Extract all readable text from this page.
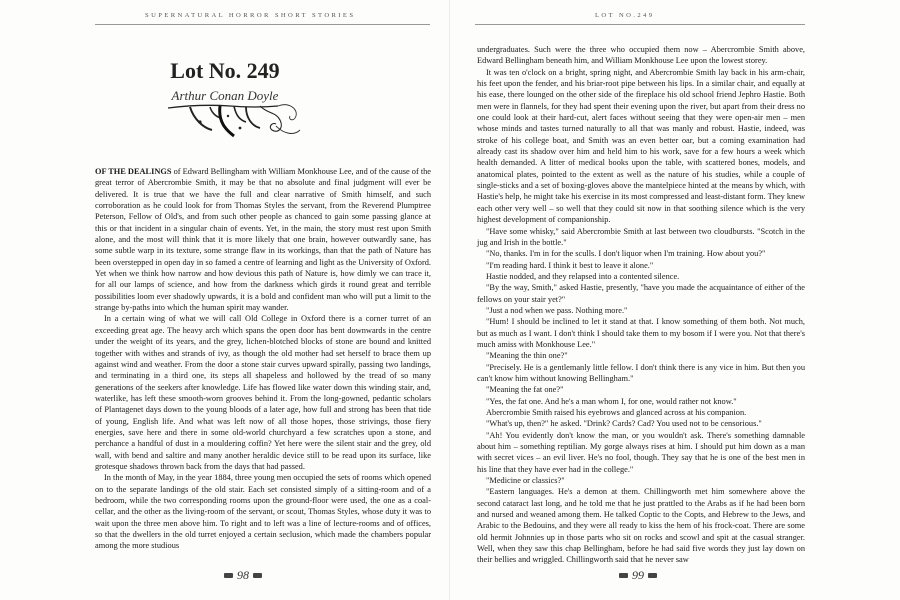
SUPERNATURAL HORROR SHORT STORIES
Lot No. 249
Arthur Conan Doyle

OF THE DEALINGS of Edward Bellingham with William Monkhouse Lee, and of the cause of the great terror of Abercrombie Smith, it may be that no absolute and final judgment will ever be delivered. It is true that we have the full and clear narrative of Smith himself, and such corroboration as he could look for from Thomas Styles the servant, from the Reverend Plumptree Peterson, Fellow of Old's, and from such other people as chanced to gain some passing glance at this or that incident in a singular chain of events. Yet, in the main, the story must rest upon Smith alone, and the most will think that it is more likely that one brain, however outwardly sane, has some subtle warp in its texture, some strange flaw in its workings, than that the path of Nature has been overstepped in open day in so famed a centre of learning and light as the University of Oxford. Yet when we think how narrow and how devious this path of Nature is, how dimly we can trace it, for all our lamps of science, and how from the darkness which girds it round great and terrible possibilities loom ever shadowly upwards, it is a bold and confident man who will put a limit to the strange by-paths into which the human spirit may wander.

In a certain wing of what we will call Old College in Oxford there is a corner turret of an exceeding great age. The heavy arch which spans the open door has bent downwards in the centre under the weight of its years, and the grey, lichen-blotched blocks of stone are bound and knitted together with withes and strands of ivy, as though the old mother had set herself to brace them up against wind and weather. From the door a stone stair curves upward spirally, passing two landings, and terminating in a third one, its steps all shapeless and hollowed by the tread of so many generations of the seekers after knowledge. Life has flowed like water down this winding stair, and, waterlike, has left these smooth-worn grooves behind it. From the long-gowned, pedantic scholars of Plantagenet days down to the young bloods of a later age, how full and strong has been that tide of young, English life. And what was left now of all those hopes, those strivings, those fiery energies, save here and there in some old-world churchyard a few scratches upon a stone, and perchance a handful of dust in a mouldering coffin? Yet here were the silent stair and the grey, old wall, with bend and saltire and many another heraldic device still to be read upon its surface, like grotesque shadows thrown back from the days that had passed.

In the month of May, in the year 1884, three young men occupied the sets of rooms which opened on to the separate landings of the old stair. Each set consisted simply of a sitting-room and of a bedroom, while the two corresponding rooms upon the ground-floor were used, the one as a coal-cellar, and the other as the living-room of the servant, or scout, Thomas Styles, whose duty it was to wait upon the three men above him. To right and to left was a line of lecture-rooms and of offices, so that the dwellers in the old turret enjoyed a certain seclusion, which made the chambers popular among the more studious

98
LOT NO.249

undergraduates. Such were the three who occupied them now – Abercrombie Smith above, Edward Bellingham beneath him, and William Monkhouse Lee upon the lowest storey.

It was ten o'clock on a bright, spring night, and Abercrombie Smith lay back in his arm-chair, his feet upon the fender, and his briar-root pipe between his lips. In a similar chair, and equally at his ease, there lounged on the other side of the fireplace his old school friend Jephro Hastie. Both men were in flannels, for they had spent their evening upon the river, but apart from their dress no one could look at their hard-cut, alert faces without seeing that they were open-air men – men whose minds and tastes turned naturally to all that was manly and robust. Hastie, indeed, was stroke of his college boat, and Smith was an even better oar, but a coming examination had already cast its shadow over him and held him to his work, save for a few hours a week which health demanded. A litter of medical books upon the table, with scattered bones, models, and anatomical plates, pointed to the extent as well as the nature of his studies, while a couple of single-sticks and a set of boxing-gloves above the mantelpiece hinted at the means by which, with Hastie's help, he might take his exercise in its most compressed and least-distant form. They knew each other very well – so well that they could sit now in that soothing silence which is the very highest development of companionship.

"Have some whisky," said Abercrombie Smith at last between two cloudbursts. "Scotch in the jug and Irish in the bottle."

"No, thanks. I'm in for the sculls. I don't liquor when I'm training. How about you?"

"I'm reading hard. I think it best to leave it alone."

Hastie nodded, and they relapsed into a contented silence.

"By the way, Smith," asked Hastie, presently, "have you made the acquaintance of either of the fellows on your stair yet?"

"Just a nod when we pass. Nothing more."

"Hum! I should be inclined to let it stand at that. I know something of them both. Not much, but as much as I want. I don't think I should take them to my bosom if I were you. Not that there's much amiss with Monkhouse Lee."

"Meaning the thin one?"

"Precisely. He is a gentlemanly little fellow. I don't think there is any vice in him. But then you can't know him without knowing Bellingham."

"Meaning the fat one?"

"Yes, the fat one. And he's a man whom I, for one, would rather not know."

Abercrombie Smith raised his eyebrows and glanced across at his companion.

"What's up, then?" he asked. "Drink? Cards? Cad? You used not to be censorious."

"Ah! You evidently don't know the man, or you wouldn't ask. There's something damnable about him – something reptilian. My gorge always rises at him. I should put him down as a man with secret vices – an evil liver. He's no fool, though. They say that he is one of the best men in his line that they have ever had in the college."

"Medicine or classics?"

"Eastern languages. He's a demon at them. Chillingworth met him somewhere above the second cataract last long, and he told me that he just prattled to the Arabs as if he had been born and nursed and weaned among them. He talked Coptic to the Copts, and Hebrew to the Jews, and Arabic to the Bedouins, and they were all ready to kiss the hem of his frock-coat. There are some old hermit Johnnies up in those parts who sit on rocks and scowl and spit at the casual stranger. Well, when they saw this chap Bellingham, before he had said five words they just lay down on their bellies and wriggled. Chillingworth said that he never saw

99
